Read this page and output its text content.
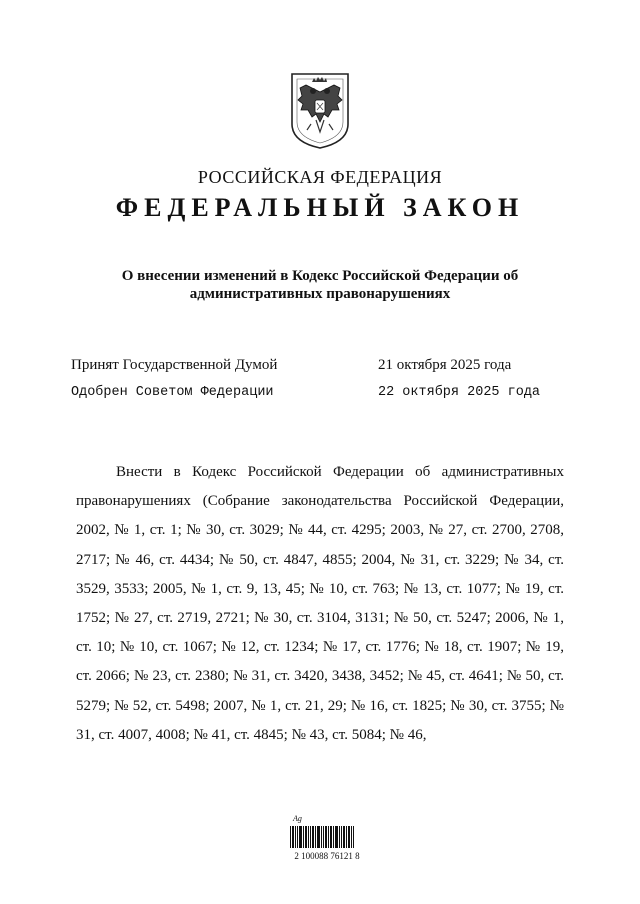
РОССИЙСКАЯ ФЕДЕРАЦИЯ
ФЕДЕРАЛЬНЫЙ ЗАКОН
О внесении изменений в Кодекс Российской Федерации об административных правонарушениях
Принят Государственной Думой	21 октября 2025 года
Одобрен Советом Федерации	22 октября 2025 года
Внести в Кодекс Российской Федерации об административных правонарушениях (Собрание законодательства Российской Федерации, 2002, № 1, ст. 1; № 30, ст. 3029; № 44, ст. 4295; 2003, № 27, ст. 2700, 2708, 2717; № 46, ст. 4434; № 50, ст. 4847, 4855; 2004, № 31, ст. 3229; № 34, ст. 3529, 3533; 2005, № 1, ст. 9, 13, 45; № 10, ст. 763; № 13, ст. 1077; № 19, ст. 1752; № 27, ст. 2719, 2721; № 30, ст. 3104, 3131; № 50, ст. 5247; 2006, № 1, ст. 10; № 10, ст. 1067; № 12, ст. 1234; № 17, ст. 1776; № 18, ст. 1907; № 19, ст. 2066; № 23, ст. 2380; № 31, ст. 3420, 3438, 3452; № 45, ст. 4641; № 50, ст. 5279; № 52, ст. 5498; 2007, № 1, ст. 21, 29; № 16, ст. 1825; № 30, ст. 3755; № 31, ст. 4007, 4008; № 41, ст. 4845; № 43, ст. 5084; № 46,
Ag
2 100088 76121 8
